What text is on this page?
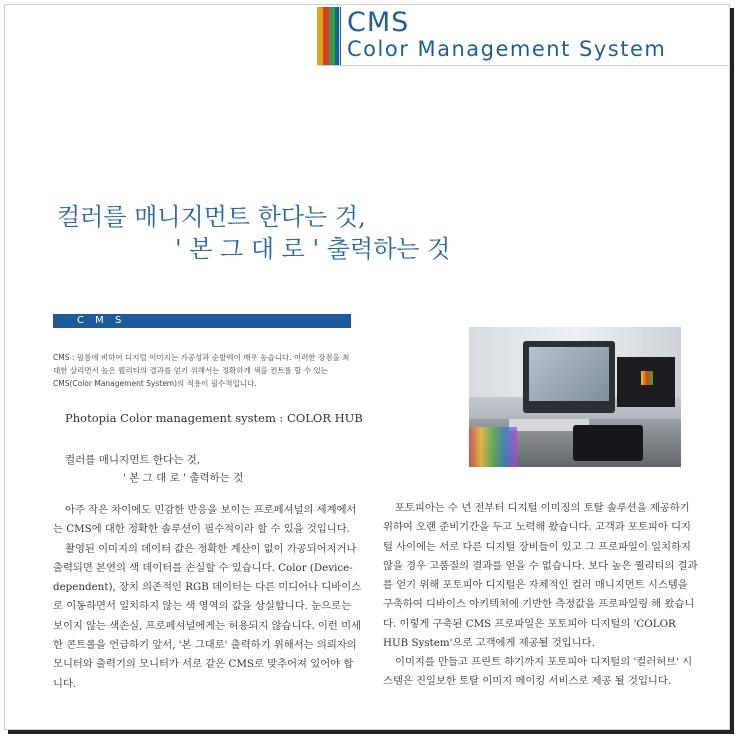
CMS
Color Management System
컬러를 매니지먼트 한다는 것,
' 본 그 대 로 ' 출력하는 것
C M S
CMS : 필름에 비하여 디지털 이미지는 가공성과 순발력이 매우 높습니다. 이러한 장점을 최대한 살리면서 높은 퀄리티의 결과를 얻기 위해서는 정확하게 색을 컨트롤 할 수 있는 CMS(Color Management System)의 적용이 필수적입니다.
Photopia Color management system : COLOR HUB
컬러를 매니지먼트 한다는 것,
' 본 그 대 로 ' 출력하는 것

아주 작은 차이에도 민감한 반응을 보이는 프로페셔널의 세계에서는 CMS에 대한 정확한 솔루션이 필수적이라 할 수 있을 것입니다.

촬영된 이미지의 데이터 값은 정확한 계산이 없이 가공되어지거나 출력되면 본연의 색 데이터를 손실할 수 있습니다. Color (Device-dependent), 장치 의존적인 RGB 데이터는 다른 미디어나 디바이스로 이동하면서 일치하지 않는 색 영역의 값을 상실합니다. 눈으로는 보이지 않는 색손실, 프로페셔널에게는 허용되지 않습니다. 이런 미세한 콘트롤을 언급하기 앞서, '본 그대로' 출력하기 위해서는 의뢰자의 모니터와 출력기의 모니터가 서로 같은 CMS로 맞추어져 있어야 합니다.

포토피아는 수 년 전부터 디지털 이미징의 토탈 솔루션을 제공하기 위하여 오랜 준비기간을 두고 노력해 왔습니다. 고객과 포토피아 디지털 사이에는 서로 다른 디지털 장비들이 있고 그 프로파일이 일치하지 않을 경우 고품질의 결과를 얻을 수 없습니다. 보다 높은 퀄리티의 결과를 얻기 위해 포토피아 디지털은 자체적인 컬러 매니지먼트 시스템을 구축하여 디바이스 아키텍처에 기반한 측정값을 프로파일링 해 왔습니다. 이렇게 구축된 CMS 프로파일은 포토피아 디지털의 'COLOR HUB System'으로 고객에게 제공될 것입니다.

이미지를 만들고 프린트 하기까지 포토피아 디지털의 '컬러허브' 시스템은 진일보한 토탈 이미지 메이킹 서비스로 제공 될 것입니다.
